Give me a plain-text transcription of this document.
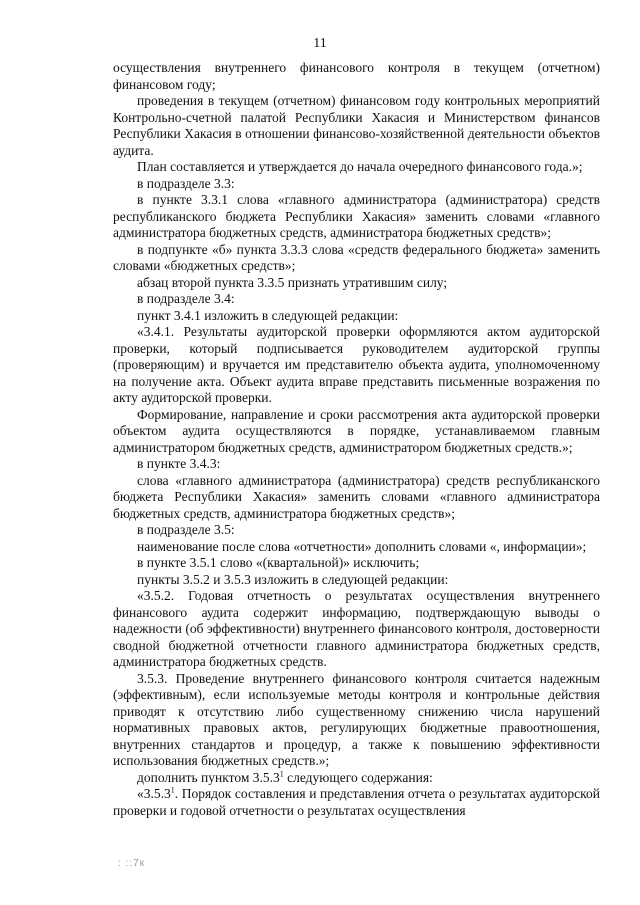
11

осуществления внутреннего финансового контроля в текущем (отчетном) финансовом году;

проведения в текущем (отчетном) финансовом году контрольных мероприятий Контрольно-счетной палатой Республики Хакасия и Министерством финансов Республики Хакасия в отношении финансово-хозяйственной деятельности объектов аудита.

План составляется и утверждается до начала очередного финансового года.»;

в подразделе 3.3:

в пункте 3.3.1 слова «главного администратора (администратора) средств республиканского бюджета Республики Хакасия» заменить словами «главного администратора бюджетных средств, администратора бюджетных средств»;

в подпункте «б» пункта 3.3.3 слова «средств федерального бюджета» заменить словами «бюджетных средств»;

абзац второй пункта 3.3.5 признать утратившим силу;

в подразделе 3.4:

пункт 3.4.1 изложить в следующей редакции:

«3.4.1. Результаты аудиторской проверки оформляются актом аудиторской проверки, который подписывается руководителем аудиторской группы (проверяющим) и вручается им представителю объекта аудита, уполномоченному на получение акта. Объект аудита вправе представить письменные возражения по акту аудиторской проверки.

Формирование, направление и сроки рассмотрения акта аудиторской проверки объектом аудита осуществляются в порядке, устанавливаемом главным администратором бюджетных средств, администратором бюджетных средств.»;

в пункте 3.4.3:

слова «главного администратора (администратора) средств республиканского бюджета Республики Хакасия» заменить словами «главного администратора бюджетных средств, администратора бюджетных средств»;

в подразделе 3.5:

наименование после слова «отчетности» дополнить словами «, информации»;

в пункте 3.5.1 слово «(квартальной)» исключить;

пункты 3.5.2 и 3.5.3 изложить в следующей редакции:

«3.5.2. Годовая отчетность о результатах осуществления внутреннего финансового аудита содержит информацию, подтверждающую выводы о надежности (об эффективности) внутреннего финансового контроля, достоверности сводной бюджетной отчетности главного администратора бюджетных средств, администратора бюджетных средств.

3.5.3. Проведение внутреннего финансового контроля считается надежным (эффективным), если используемые методы контроля и контрольные действия приводят к отсутствию либо существенному снижению числа нарушений нормативных правовых актов, регулирующих бюджетные правоотношения, внутренних стандартов и процедур, а также к повышению эффективности использования бюджетных средств.»;

дополнить пунктом 3.5.3$^1$ следующего содержания:

«3.5.3$^1$. Порядок составления и представления отчета о результатах аудиторской проверки и годовой отчетности о результатах осуществления

: ::7к
